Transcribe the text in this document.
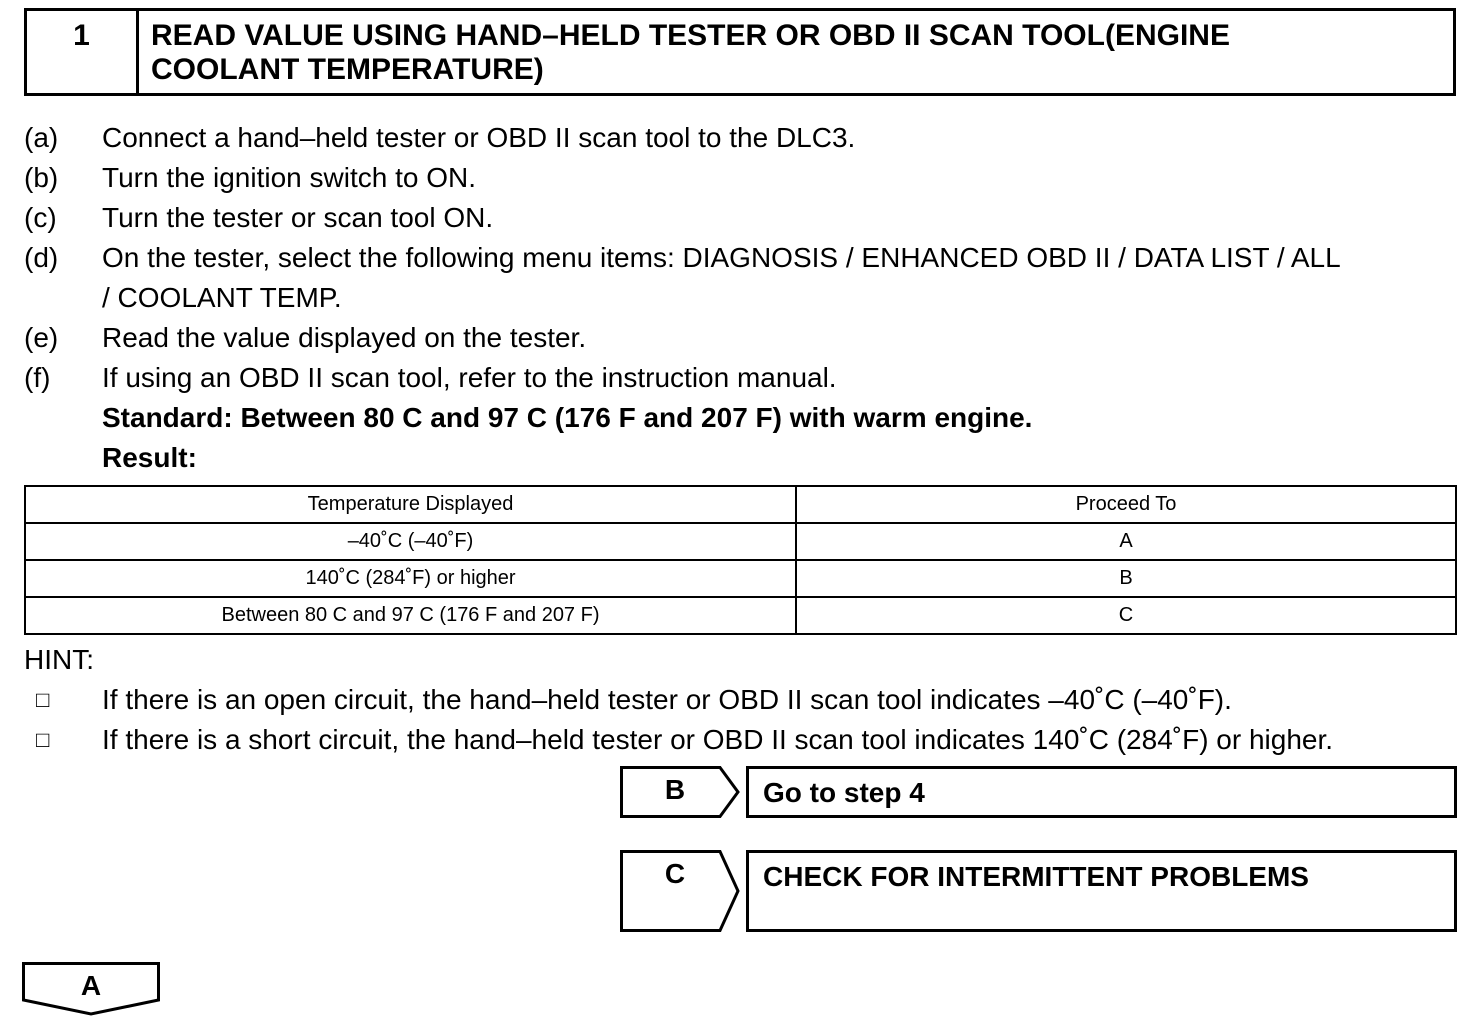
1	READ VALUE USING HAND–HELD TESTER OR OBD II SCAN TOOL(ENGINE
COOLANT TEMPERATURE)
(a)	Connect a hand–held tester or OBD II scan tool to the DLC3.
(b)	Turn the ignition switch to ON.
(c)	Turn the tester or scan tool ON.
(d)	On the tester, select the following menu items: DIAGNOSIS / ENHANCED OBD II / DATA LIST / ALL
/ COOLANT TEMP.
(e)	Read the value displayed on the tester.
(f)	If using an OBD II scan tool, refer to the instruction manual.
Standard: Between 80 C and 97 C (176 F and 207 F) with warm engine.
Result:
Temperature Displayed	Proceed To
–40˚C (–40˚F)	A
140˚C (284˚F) or higher	B
Between 80 C and 97 C (176 F and 207 F)	C
HINT:
□	If there is an open circuit, the hand–held tester or OBD II scan tool indicates –40˚C (–40˚F).
□	If there is a short circuit, the hand–held tester or OBD II scan tool indicates 140˚C (284˚F) or higher.
B	Go to step 4
C	CHECK FOR INTERMITTENT PROBLEMS
A
